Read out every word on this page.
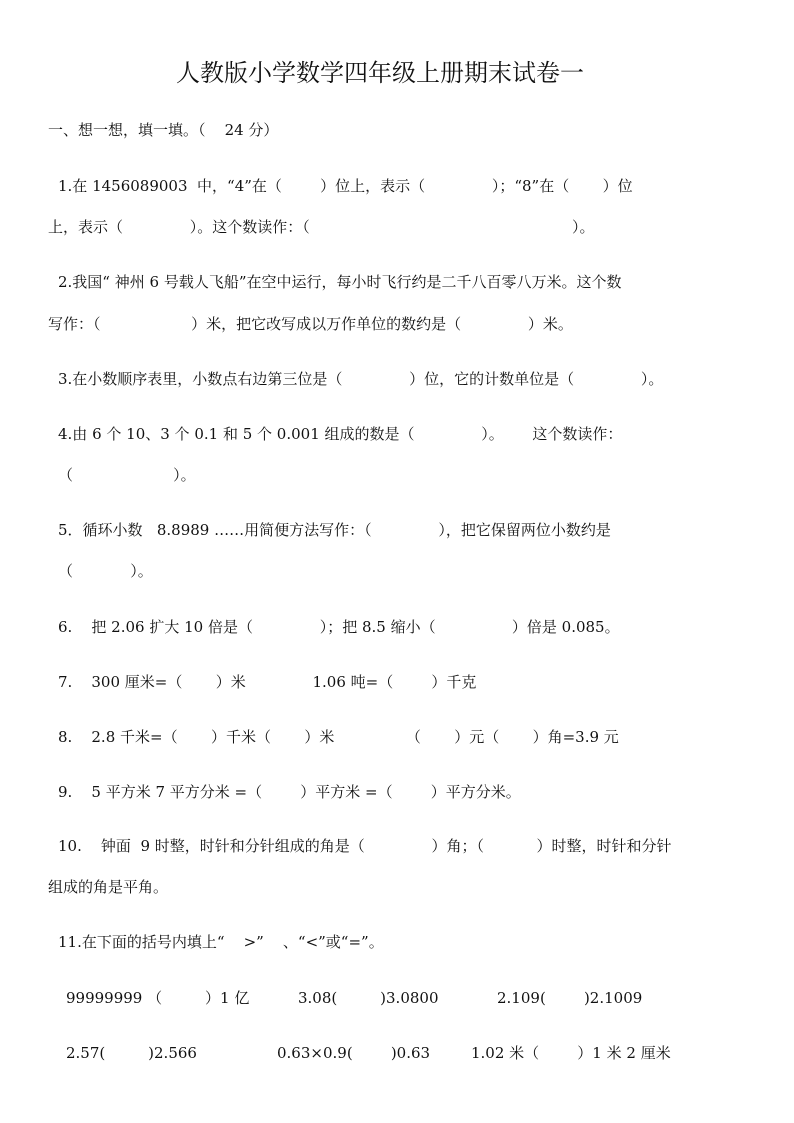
人教版小学数学四年级上册期末试卷一
一、想一想，填一填。（    24 分）
1.在 1456089003  中，“4”在（        ）位上，表示（              ）；“8”在（       ）位
上，表示（              ）。这个数读作：（                                                       ）。
2.我国“ 神州 6 号载人飞船”在空中运行，每小时飞行约是二千八百零八万米。这个数
写作：（                   ）米，把它改写成以万作单位的数约是（              ）米。
3.在小数顺序表里，小数点右边第三位是（              ）位，它的计数单位是（              ）。
4.由 6 个 10、3 个 0.1 和 5 个 0.001 组成的数是（              ）。      这个数读作：
（                     ）。
5．循环小数   8.8989 ……用简便方法写作：（              ），把它保留两位小数约是
（            ）。
6.    把 2.06 扩大 10 倍是（              ）；把 8.5 缩小（                ）倍是 0.085。
7.    300 厘米=（       ）米              1.06 吨=（        ）千克
8.    2.8 千米=（       ）千米（       ）米               （       ）元（       ）角=3.9 元
9.    5 平方米 7 平方分米 =（        ）平方米 =（        ）平方分米。
10.    钟面  9 时整，时针和分针组成的角是（              ）角；（           ）时整，时针和分针
组成的角是平角。
11.在下面的括号内填上“    >”    、“<”或“=”。
99999999 （         ）1 亿	3.08(         )3.0800	2.109(        )2.1009
2.57(         )2.566	0.63×0.9(        )0.63	1.02 米（        ）1 米 2 厘米
